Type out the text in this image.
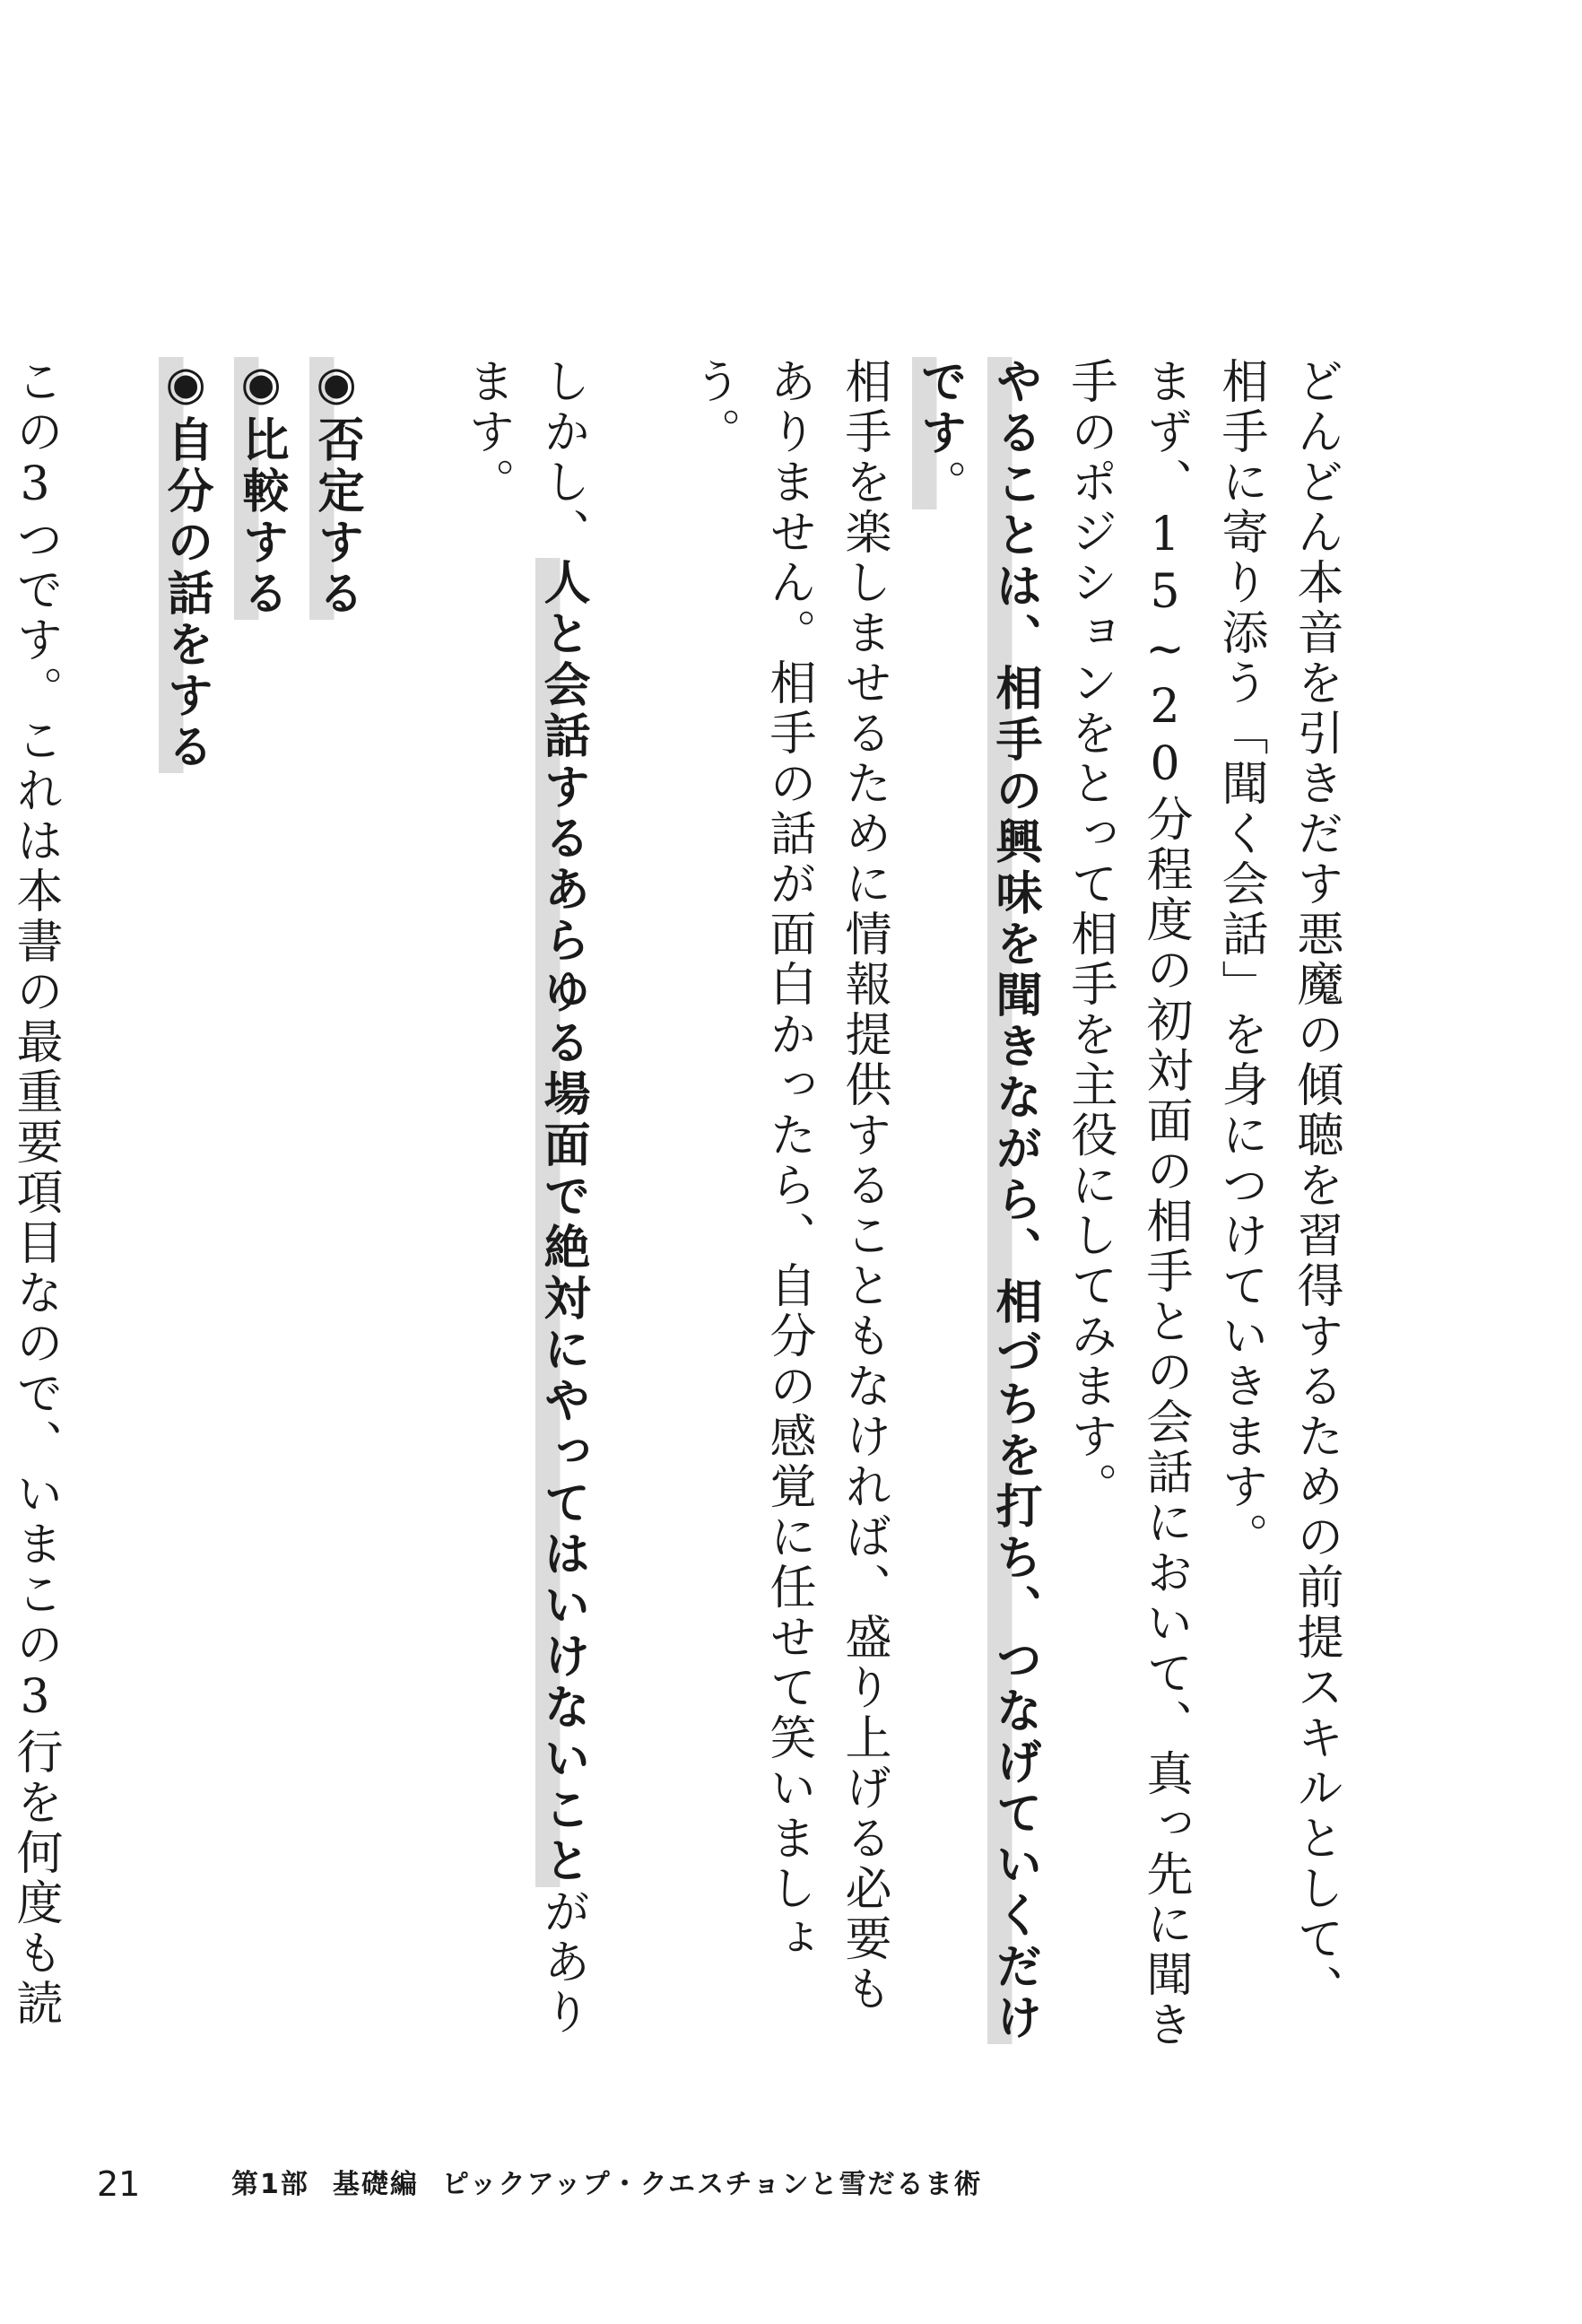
どんどん本音を引きだす悪魔の傾聴を習得するための前提スキルとして、相手に寄り添う「聞く会話」を身につけていきます。

まず、15~20分程度の初対面の相手との会話において、真っ先に聞き手のポジションをとって相手を主役にしてみます。

やることは、相手の興味を聞きながら、相づちを打ち、つなげていくだけです。

相手を楽しませるために情報提供することもなければ、盛り上げる必要もありません。相手の話が面白かったら、自分の感覚に任せて笑いましょう。

しかし、人と会話するあらゆる場面で絶対にやってはいけないことがあります。

◉否定する
◉比較する
◉自分の話をする

この3つです。これは本書の最重要項目なので、いまこの3行を何度も読

21	第1部 基礎編 ピックアップ・クエスチョンと雪だるま術
